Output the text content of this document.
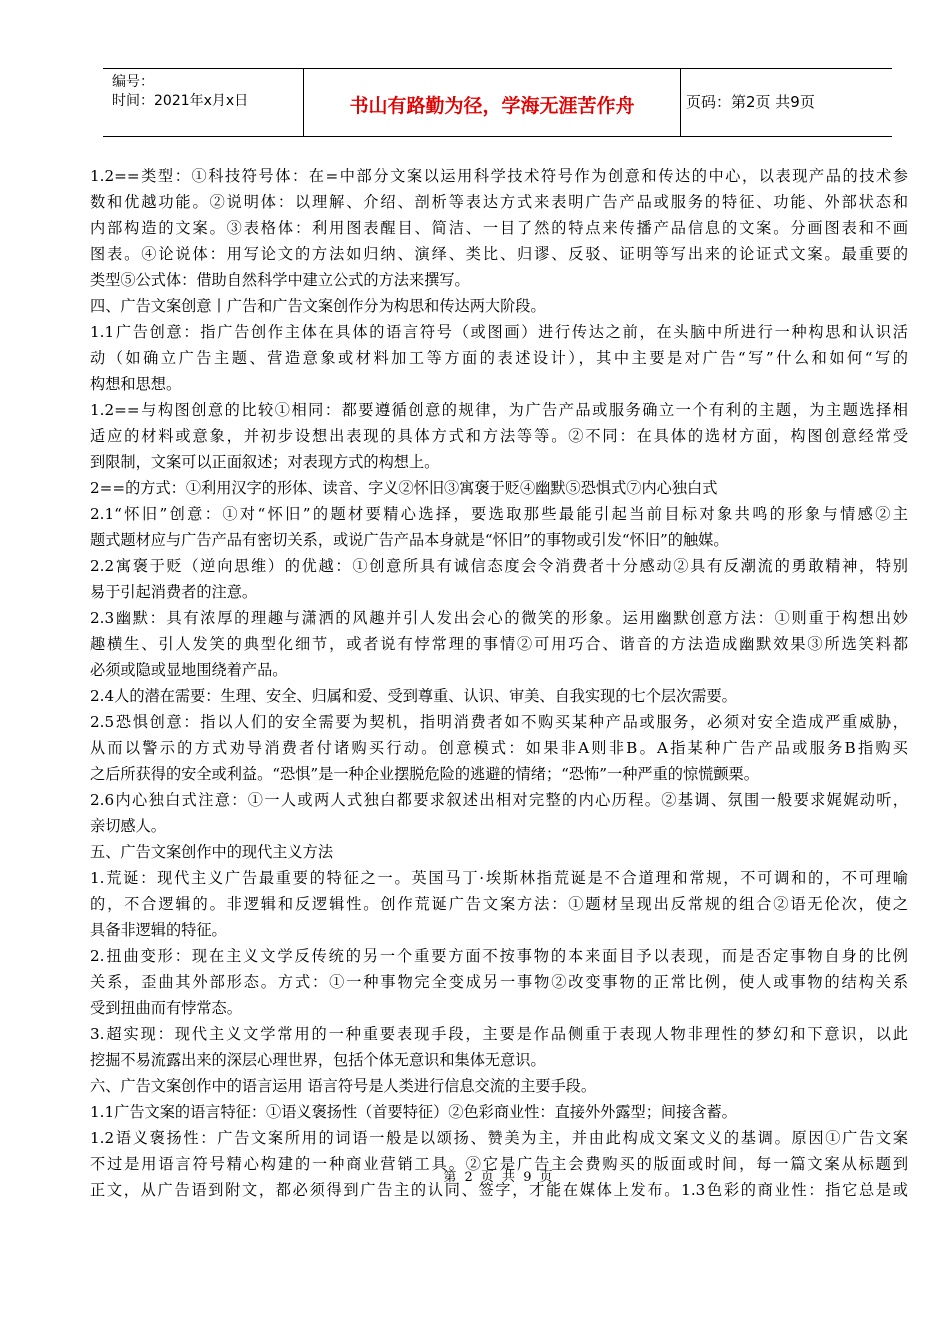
编号：
时间：2021年x月x日	书山有路勤为径，学海无涯苦作舟	页码：第2页 共9页
1.2==类型：①科技符号体：在=中部分文案以运用科学技术符号作为创意和传达的中心，以表现产品的技术参
数和优越功能。②说明体：以理解、介绍、剖析等表达方式来表明广告产品或服务的特征、功能、外部状态和
内部构造的文案。③表格体：利用图表醒目、简洁、一目了然的特点来传播产品信息的文案。分画图表和不画
图表。④论说体：用写论文的方法如归纳、演绎、类比、归谬、反驳、证明等写出来的论证式文案。最重要的
类型⑤公式体：借助自然科学中建立公式的方法来撰写。
四、广告文案创意丨广告和广告文案创作分为构思和传达两大阶段。
1.1广告创意：指广告创作主体在具体的语言符号（或图画）进行传达之前，在头脑中所进行一种构思和认识活
动（如确立广告主题、营造意象或材料加工等方面的表述设计），其中主要是对广告“写”什么和如何“写的
构想和思想。
1.2==与构图创意的比较①相同：都要遵循创意的规律，为广告产品或服务确立一个有利的主题，为主题选择相
适应的材料或意象，并初步设想出表现的具体方式和方法等等。②不同：在具体的选材方面，构图创意经常受
到限制，文案可以正面叙述；对表现方式的构想上。
2==的方式：①利用汉字的形体、读音、字义②怀旧③寓褒于贬④幽默⑤恐惧式⑦内心独白式
2.1“怀旧”创意：①对“怀旧”的题材要精心选择，要选取那些最能引起当前目标对象共鸣的形象与情感②主
题式题材应与广告产品有密切关系，或说广告产品本身就是“怀旧”的事物或引发“怀旧”的触媒。
2.2寓褒于贬（逆向思维）的优越：①创意所具有诚信态度会令消费者十分感动②具有反潮流的勇敢精神，特别
易于引起消费者的注意。
2.3幽默：具有浓厚的理趣与潇洒的风趣并引人发出会心的微笑的形象。运用幽默创意方法：①则重于构想出妙
趣横生、引人发笑的典型化细节，或者说有悖常理的事情②可用巧合、谐音的方法造成幽默效果③所选笑料都
必须或隐或显地围绕着产品。
2.4人的潜在需要：生理、安全、归属和爱、受到尊重、认识、审美、自我实现的七个层次需要。
2.5恐惧创意：指以人们的安全需要为契机，指明消费者如不购买某种产品或服务，必须对安全造成严重威胁，
从而以警示的方式劝导消费者付诸购买行动。创意模式：如果非A则非B。A指某种广告产品或服务B指购买
之后所获得的安全或利益。“恐惧”是一种企业摆脱危险的逃避的情绪；“恐怖”一种严重的惊慌颤栗。
2.6内心独白式注意：①一人或两人式独白都要求叙述出相对完整的内心历程。②基调、氛围一般要求娓娓动听，
亲切感人。
五、广告文案创作中的现代主义方法
1.荒诞：现代主义广告最重要的特征之一。英国马丁·埃斯林指荒诞是不合道理和常规，不可调和的，不可理喻
的，不合逻辑的。非逻辑和反逻辑性。创作荒诞广告文案方法：①题材呈现出反常规的组合②语无伦次，使之
具备非逻辑的特征。
2.扭曲变形：现在主义文学反传统的另一个重要方面不按事物的本来面目予以表现，而是否定事物自身的比例
关系，歪曲其外部形态。方式：①一种事物完全变成另一事物②改变事物的正常比例，使人或事物的结构关系
受到扭曲而有悖常态。
3.超实现：现代主义文学常用的一种重要表现手段，主要是作品侧重于表现人物非理性的梦幻和下意识，以此
挖掘不易流露出来的深层心理世界，包括个体无意识和集体无意识。
六、广告文案创作中的语言运用 语言符号是人类进行信息交流的主要手段。
1.1广告文案的语言特征：①语义褒扬性（首要特征）②色彩商业性：直接外外露型；间接含蓄。
1.2语义褒扬性：广告文案所用的词语一般是以颂扬、赞美为主，并由此构成文案文义的基调。原因①广告文案
不过是用语言符号精心构建的一种商业营销工具。②它是广告主会费购买的版面或时间，每一篇文案从标题到
正文，从广告语到附文，都必须得到广告主的认同、签字，才能在媒体上发布。1.3色彩的商业性：指它总是或
第 2 页 共 9 页
